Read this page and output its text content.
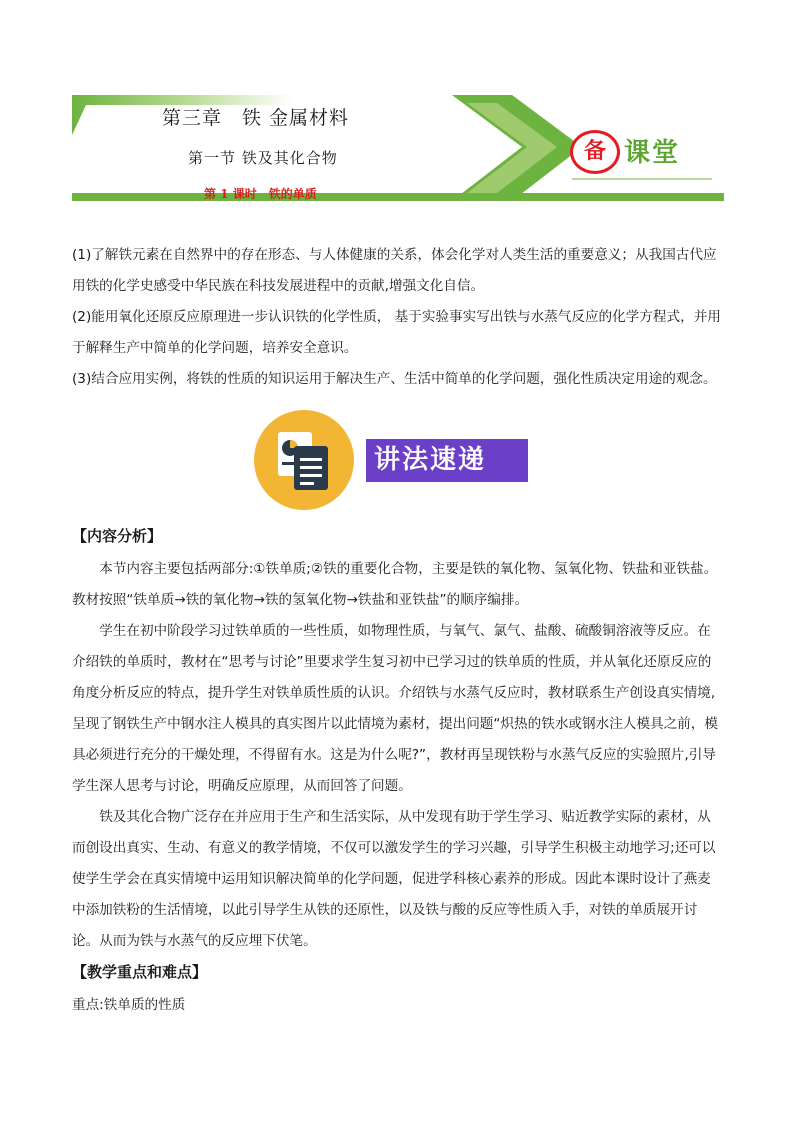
第三章　铁 金属材料
第一节 铁及其化合物
第 1 课时　铁的单质
备 课堂
(1)了解铁元素在自然界中的存在形态、与人体健康的关系，体会化学对人类生活的重要意义；从我国古代应用铁的化学史感受中华民族在科技发展进程中的贡献,增强文化自信。
(2)能用氧化还原反应原理进一步认识铁的化学性质， 基于实验事实写出铁与水蒸气反应的化学方程式，并用于解释生产中简单的化学问题，培养安全意识。
(3)结合应用实例，将铁的性质的知识运用于解决生产、生活中简单的化学问题，强化性质决定用途的观念。
讲法速递
【内容分析】
本节内容主要包括两部分:①铁单质;②铁的重要化合物，主要是铁的氧化物、氢氧化物、铁盐和亚铁盐。教材按照“铁单质→铁的氧化物→铁的氢氧化物→铁盐和亚铁盐”的顺序编排。
学生在初中阶段学习过铁单质的一些性质，如物理性质，与氧气、氯气、盐酸、硫酸铜溶液等反应。在介绍铁的单质时，教材在“思考与讨论”里要求学生复习初中已学习过的铁单质的性质，并从氧化还原反应的角度分析反应的特点，提升学生对铁单质性质的认识。介绍铁与水蒸气反应时，教材联系生产创设真实情境,呈现了钢铁生产中钢水注人模具的真实图片以此情境为素材，提出问题“炽热的铁水或钢水注人模具之前，模具必须进行充分的干燥处理，不得留有水。这是为什么呢?”，教材再呈现铁粉与水蒸气反应的实验照片,引导学生深人思考与讨论，明确反应原理，从而回答了问题。
铁及其化合物广泛存在并应用于生产和生活实际，从中发现有助于学生学习、贴近教学实际的素材，从而创设出真实、生动、有意义的教学情境，不仅可以激发学生的学习兴趣，引导学生积极主动地学习;还可以使学生学会在真实情境中运用知识解决简单的化学问题，促进学科核心素养的形成。因此本课时设计了燕麦中添加铁粉的生活情境，以此引导学生从铁的还原性，以及铁与酸的反应等性质入手，对铁的单质展开讨论。从而为铁与水蒸气的反应埋下伏笔。
【教学重点和难点】
重点:铁单质的性质
